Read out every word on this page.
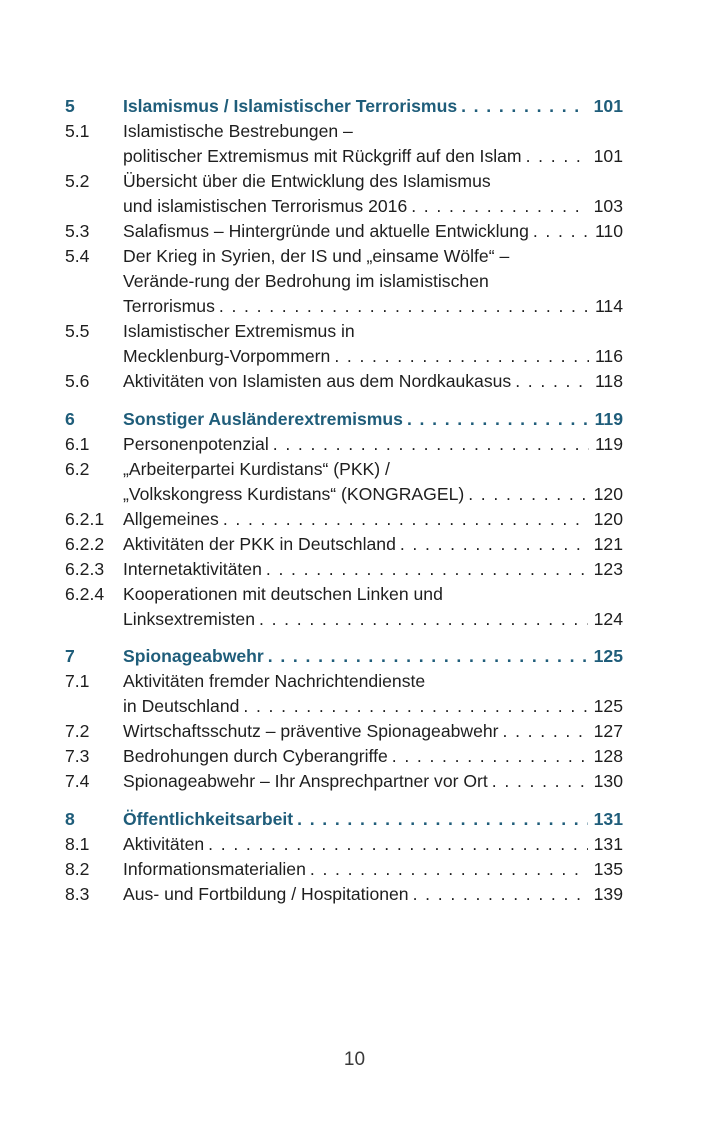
5	Islamismus / Islamistischer Terrorismus . . .	101
5.1	Islamistische Bestrebungen –
politischer Extremismus mit Rückgriff auf den Islam . . .	101
5.2	Übersicht über die Entwicklung des Islamismus
und islamistischen Terrorismus 2016 . . .	103
5.3	Salafismus – Hintergründe und aktuelle Entwicklung . . .	110
5.4	Der Krieg in Syrien, der IS und „einsame Wölfe“ –
Verände-rung der Bedrohung im islamistischen
Terrorismus . . .	114
5.5	Islamistischer Extremismus in
Mecklenburg-Vorpommern . . .	116
5.6	Aktivitäten von Islamisten aus dem Nordkaukasus . . .	118
6	Sonstiger Ausländerextremismus . . .	119
6.1	Personenpotenzial . . .	119
6.2	„Arbeiterpartei Kurdistans“ (PKK) /
„Volkskongress Kurdistans“ (KONGRAGEL) . . .	120
6.2.1	Allgemeines . . .	120
6.2.2	Aktivitäten der PKK in Deutschland . . .	121
6.2.3	Internetaktivitäten . . .	123
6.2.4	Kooperationen mit deutschen Linken und
Linksextremisten . . .	124
7	Spionageabwehr . . .	125
7.1	Aktivitäten fremder Nachrichtendienste
in Deutschland . . .	125
7.2	Wirtschaftsschutz – präventive Spionageabwehr . . .	127
7.3	Bedrohungen durch Cyberangriffe . . .	128
7.4	Spionageabwehr – Ihr Ansprechpartner vor Ort . . .	130
8	Öffentlichkeitsarbeit . . .	131
8.1	Aktivitäten . . .	131
8.2	Informationsmaterialien . . .	135
8.3	Aus- und Fortbildung / Hospitationen . . .	139
10
